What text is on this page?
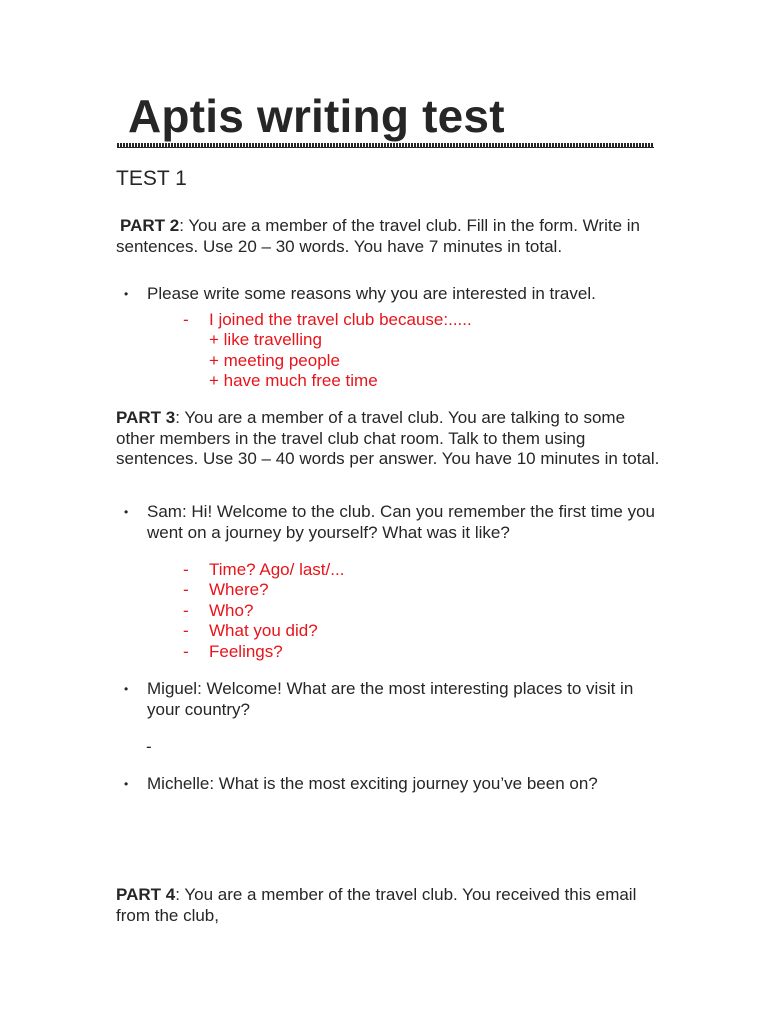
Aptis writing test
TEST 1
PART 2: You are a member of the travel club. Fill in the form. Write in sentences. Use 20 – 30 words. You have 7 minutes in total.
• Please write some reasons why you are interested in travel.
- I joined the travel club because:.....
+ like travelling
+ meeting people
+ have much free time
PART 3: You are a member of a travel club. You are talking to some other members in the travel club chat room. Talk to them using sentences. Use 30 – 40 words per answer. You have 10 minutes in total.
• Sam: Hi! Welcome to the club. Can you remember the first time you went on a journey by yourself? What was it like?
- Time? Ago/ last/...
- Where?
- Who?
- What you did?
- Feelings?
• Miguel: Welcome! What are the most interesting places to visit in your country?
-
• Michelle: What is the most exciting journey you’ve been on?
PART 4: You are a member of the travel club. You received this email from the club,
